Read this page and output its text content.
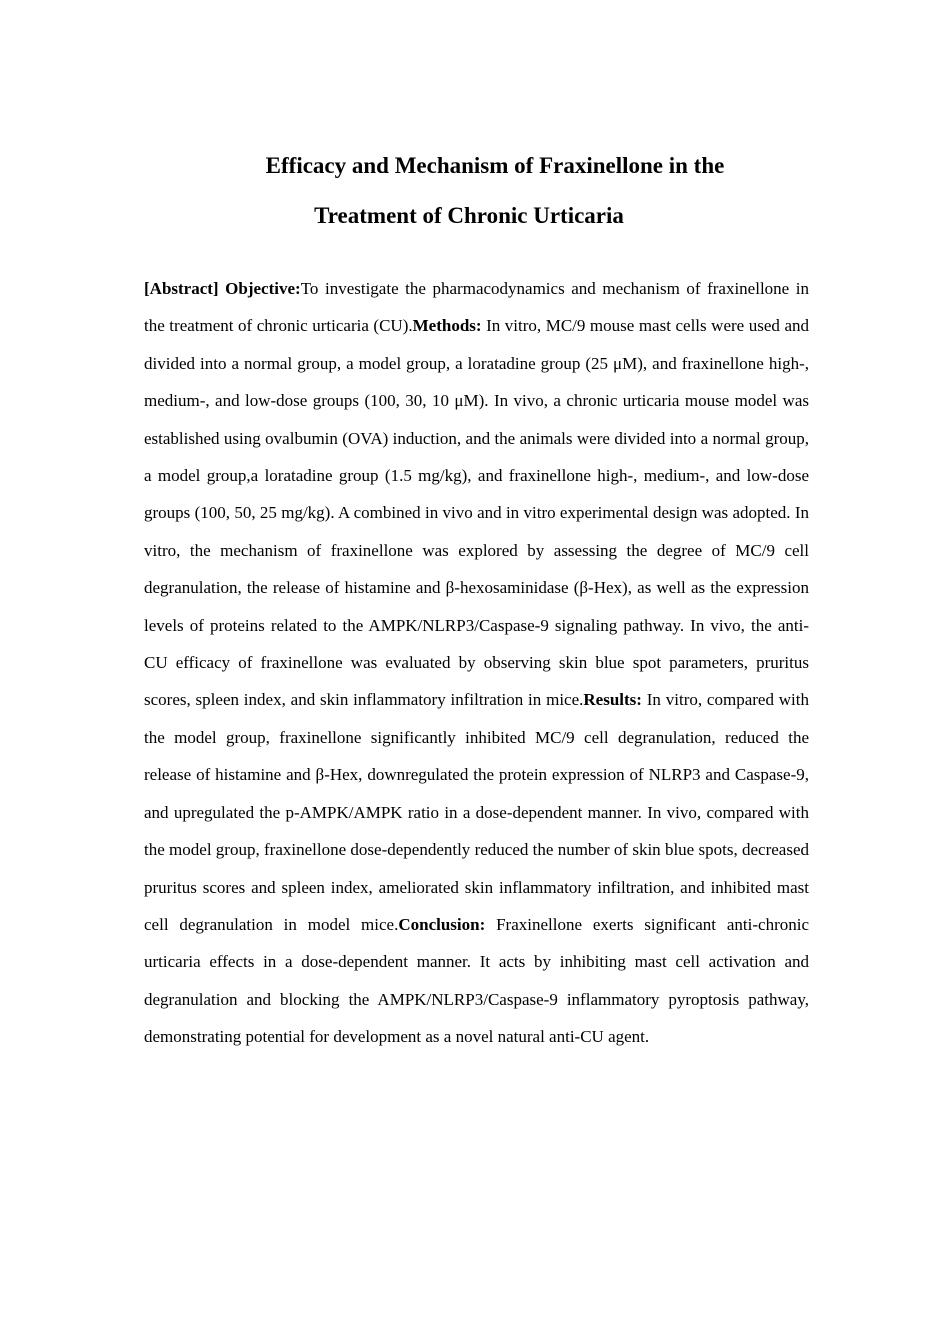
Efficacy and Mechanism of Fraxinellone in the
Treatment of Chronic Urticaria

[Abstract] Objective:To investigate the pharmacodynamics and mechanism of fraxinellone in the treatment of chronic urticaria (CU).Methods: In vitro, MC/9 mouse mast cells were used and divided into a normal group, a model group, a loratadine group (25 μM), and fraxinellone high-, medium-, and low-dose groups (100, 30, 10 μM). In vivo, a chronic urticaria mouse model was established using ovalbumin (OVA) induction, and the animals were divided into a normal group, a model group,a loratadine group (1.5 mg/kg), and fraxinellone high-, medium-, and low-dose groups (100, 50, 25 mg/kg). A combined in vivo and in vitro experimental design was adopted. In vitro, the mechanism of fraxinellone was explored by assessing the degree of MC/9 cell degranulation, the release of histamine and β-hexosaminidase (β-Hex), as well as the expression levels of proteins related to the AMPK/NLRP3/Caspase-9 signaling pathway. In vivo, the anti-CU efficacy of fraxinellone was evaluated by observing skin blue spot parameters, pruritus scores, spleen index, and skin inflammatory infiltration in mice.Results: In vitro, compared with the model group, fraxinellone significantly inhibited MC/9 cell degranulation, reduced the release of histamine and β-Hex, downregulated the protein expression of NLRP3 and Caspase-9, and upregulated the p-AMPK/AMPK ratio in a dose-dependent manner. In vivo, compared with the model group, fraxinellone dose-dependently reduced the number of skin blue spots, decreased pruritus scores and spleen index, ameliorated skin inflammatory infiltration, and inhibited mast cell degranulation in model mice.Conclusion: Fraxinellone exerts significant anti-chronic urticaria effects in a dose-dependent manner. It acts by inhibiting mast cell activation and degranulation and blocking the AMPK/NLRP3/Caspase-9 inflammatory pyroptosis pathway, demonstrating potential for development as a novel natural anti-CU agent.
